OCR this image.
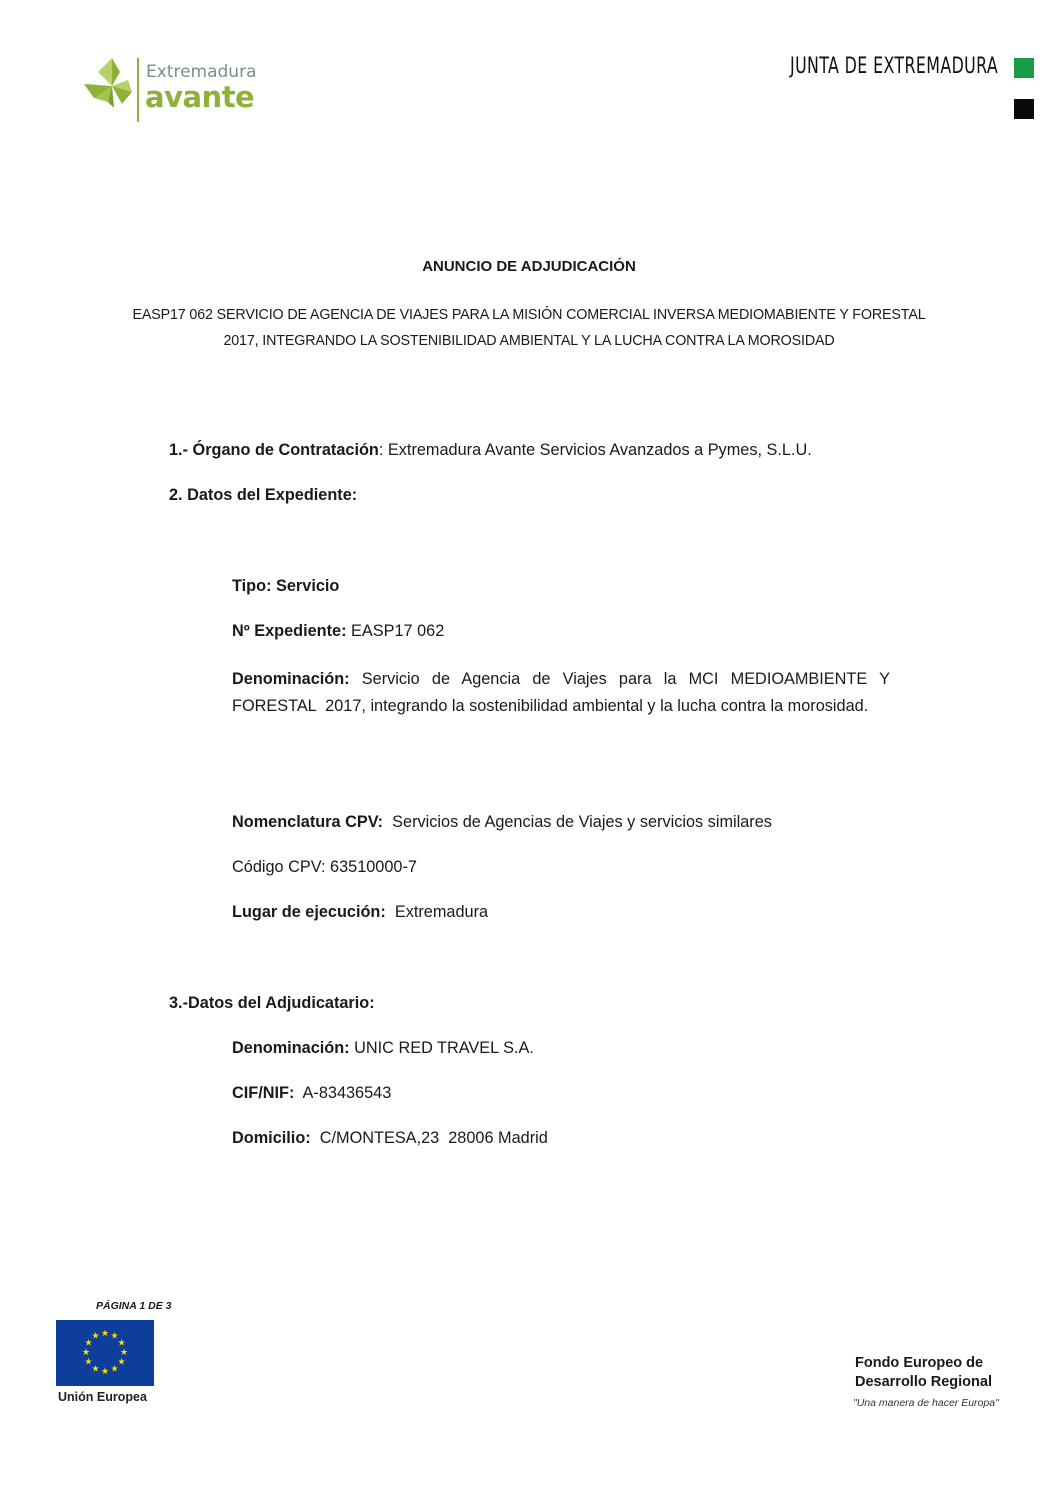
Extremadura
avante
JUNTA DE EXTREMADURA
ANUNCIO DE ADJUDICACIÓN
EASP17 062 SERVICIO DE AGENCIA DE VIAJES PARA LA MISIÓN COMERCIAL INVERSA MEDIOMABIENTE Y FORESTAL
2017, INTEGRANDO LA SOSTENIBILIDAD AMBIENTAL Y LA LUCHA CONTRA LA MOROSIDAD
1.- Órgano de Contratación: Extremadura Avante Servicios Avanzados a Pymes, S.L.U.
2. Datos del Expediente:
Tipo: Servicio
Nº Expediente: EASP17 062
Denominación: Servicio de Agencia de Viajes para la MCI MEDIOAMBIENTE Y FORESTAL  2017, integrando la sostenibilidad ambiental y la lucha contra la morosidad.
Nomenclatura CPV:  Servicios de Agencias de Viajes y servicios similares
Código CPV: 63510000-7
Lugar de ejecución:  Extremadura
3.-Datos del Adjudicatario:
Denominación: UNIC RED TRAVEL S.A.
CIF/NIF:  A-83436543
Domicilio:  C/MONTESA,23  28006 Madrid
PÁGINA 1 DE 3
★ ★
★
★
★
★
★
★
★
★
★
★
Unión Europea
Fondo Europeo de
Desarrollo Regional
"Una manera de hacer Europa"
